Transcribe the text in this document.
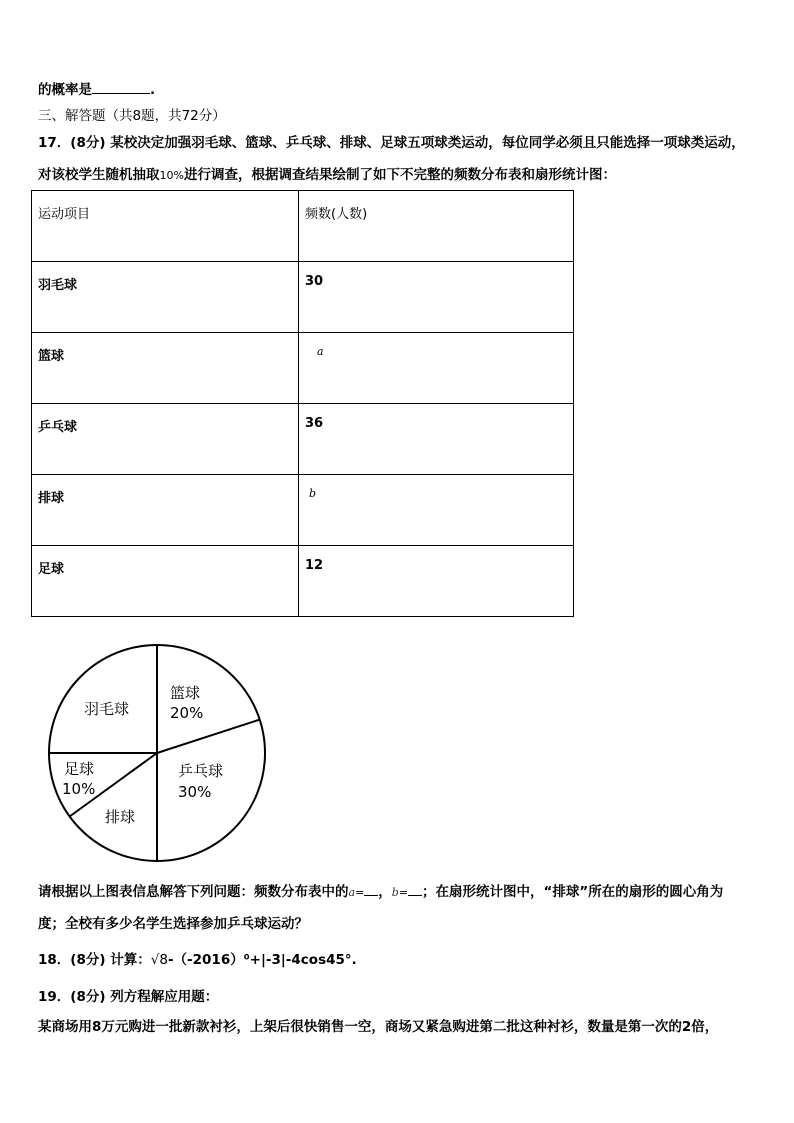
的概率是	.
三、解答题（共8题，共72分）
17．(8分) 某校决定加强羽毛球、篮球、乒乓球、排球、足球五项球类运动，每位同学必须且只能选择一项球类运动，
对该校学生随机抽取10%进行调查，根据调查结果绘制了如下不完整的频数分布表和扇形统计图：
运动项目	频数(人数)
羽毛球	30
篮球	a
乒乓球	36
排球	b
足球	12
羽毛球
篮球
20%
乒乓球
30%
排球
足球
10%
请根据以上图表信息解答下列问题：频数分布表中的a= ，b= ；在扇形统计图中，“排球”所在的扇形的圆心角为
度；全校有多少名学生选择参加乒乓球运动？
18．(8分) 计算：√8-（-2016）⁰+|-3|-4cos45°.
19．(8分) 列方程解应用题：
某商场用8万元购进一批新款衬衫，上架后很快销售一空，商场又紧急购进第二批这种衬衫，数量是第一次的2倍，
